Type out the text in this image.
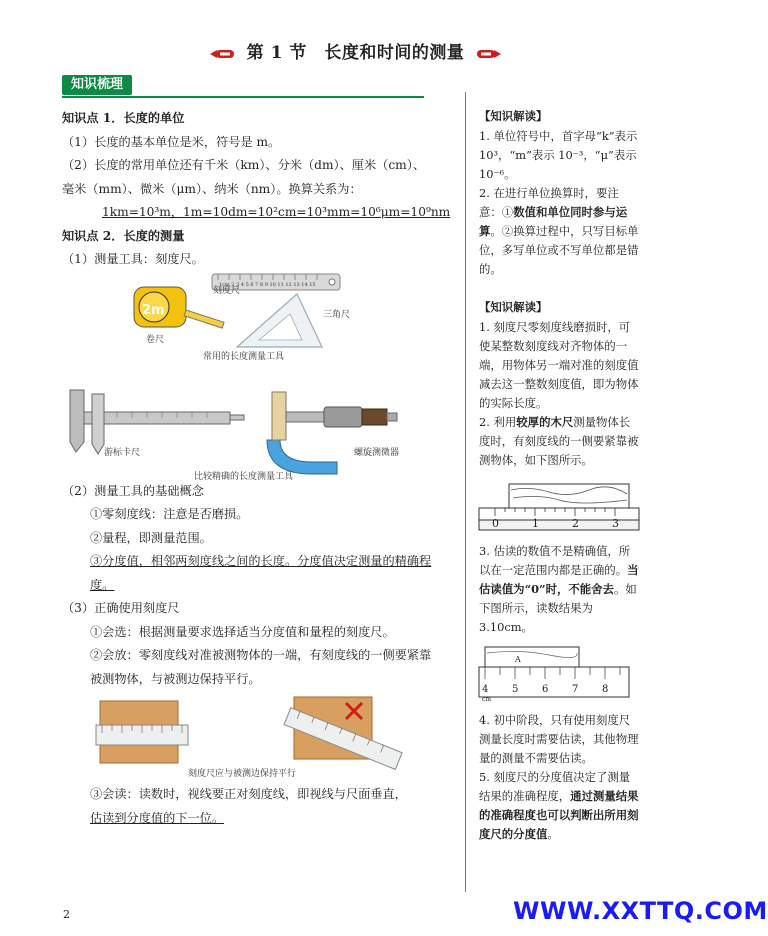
第 1 节　长度和时间的测量
知识梳理

知识点 1．长度的单位

（1）长度的基本单位是米，符号是 m。

（2）长度的常用单位还有千米（km）、分米（dm）、厘米（cm）、

毫米（mm）、微米（μm）、纳米（nm）。换算关系为：

1km=10³m，1m=10dm=10²cm=10³mm=10⁶μm=10⁹nm

知识点 2．长度的测量

（1）测量工具：刻度尺。

1cm 2 3 4 5 6 7 8 9 10 11 12 13 14 15
2m
刻度尺
三角尺
卷尺
常用的长度测量工具
游标卡尺	螺旋测微器
比较精确的长度测量工具

（2）测量工具的基础概念

①零刻度线：注意是否磨损。

②量程，即测量范围。

③分度值，相邻两刻度线之间的长度。分度值决定测量的精确程度。

（3）正确使用刻度尺

①会选：根据测量要求选择适当分度值和量程的刻度尺。

②会放：零刻度线对准被测物体的一端，有刻度线的一侧要紧靠被测物体，与被测边保持平行。

刻度尺应与被测边保持平行

③会读：读数时，视线要正对刻度线，即视线与尺面垂直，

估读到分度值的下一位。

【知识解读】

1. 单位符号中，首字母“k”表示 10³，“m”表示 10⁻³，“μ”表示 10⁻⁶。

2. 在进行单位换算时，要注意：①数值和单位同时参与运算。②换算过程中，只写目标单位，多写单位或不写单位都是错的。

【知识解读】

1. 刻度尺零刻度线磨损时，可使某整数刻度线对齐物体的一端，用物体另一端对准的刻度值减去这一整数刻度值，即为物体的实际长度。

2. 利用较厚的木尺测量物体长度时，有刻度线的一侧要紧靠被测物体，如下图所示。

0	1	2	3

3. 估读的数值不是精确值，所以在一定范围内都是正确的。当估读值为“0”时，不能舍去。如下图所示，读数结果为 3.10cm。

A
4 5 6 7 8
cm

4. 初中阶段，只有使用刻度尺测量长度时需要估读，其他物理量的测量不需要估读。

5. 刻度尺的分度值决定了测量结果的准确程度，通过测量结果的准确程度也可以判断出所用刻度尺的分度值。

2	WWW.XXTTQ.COM
